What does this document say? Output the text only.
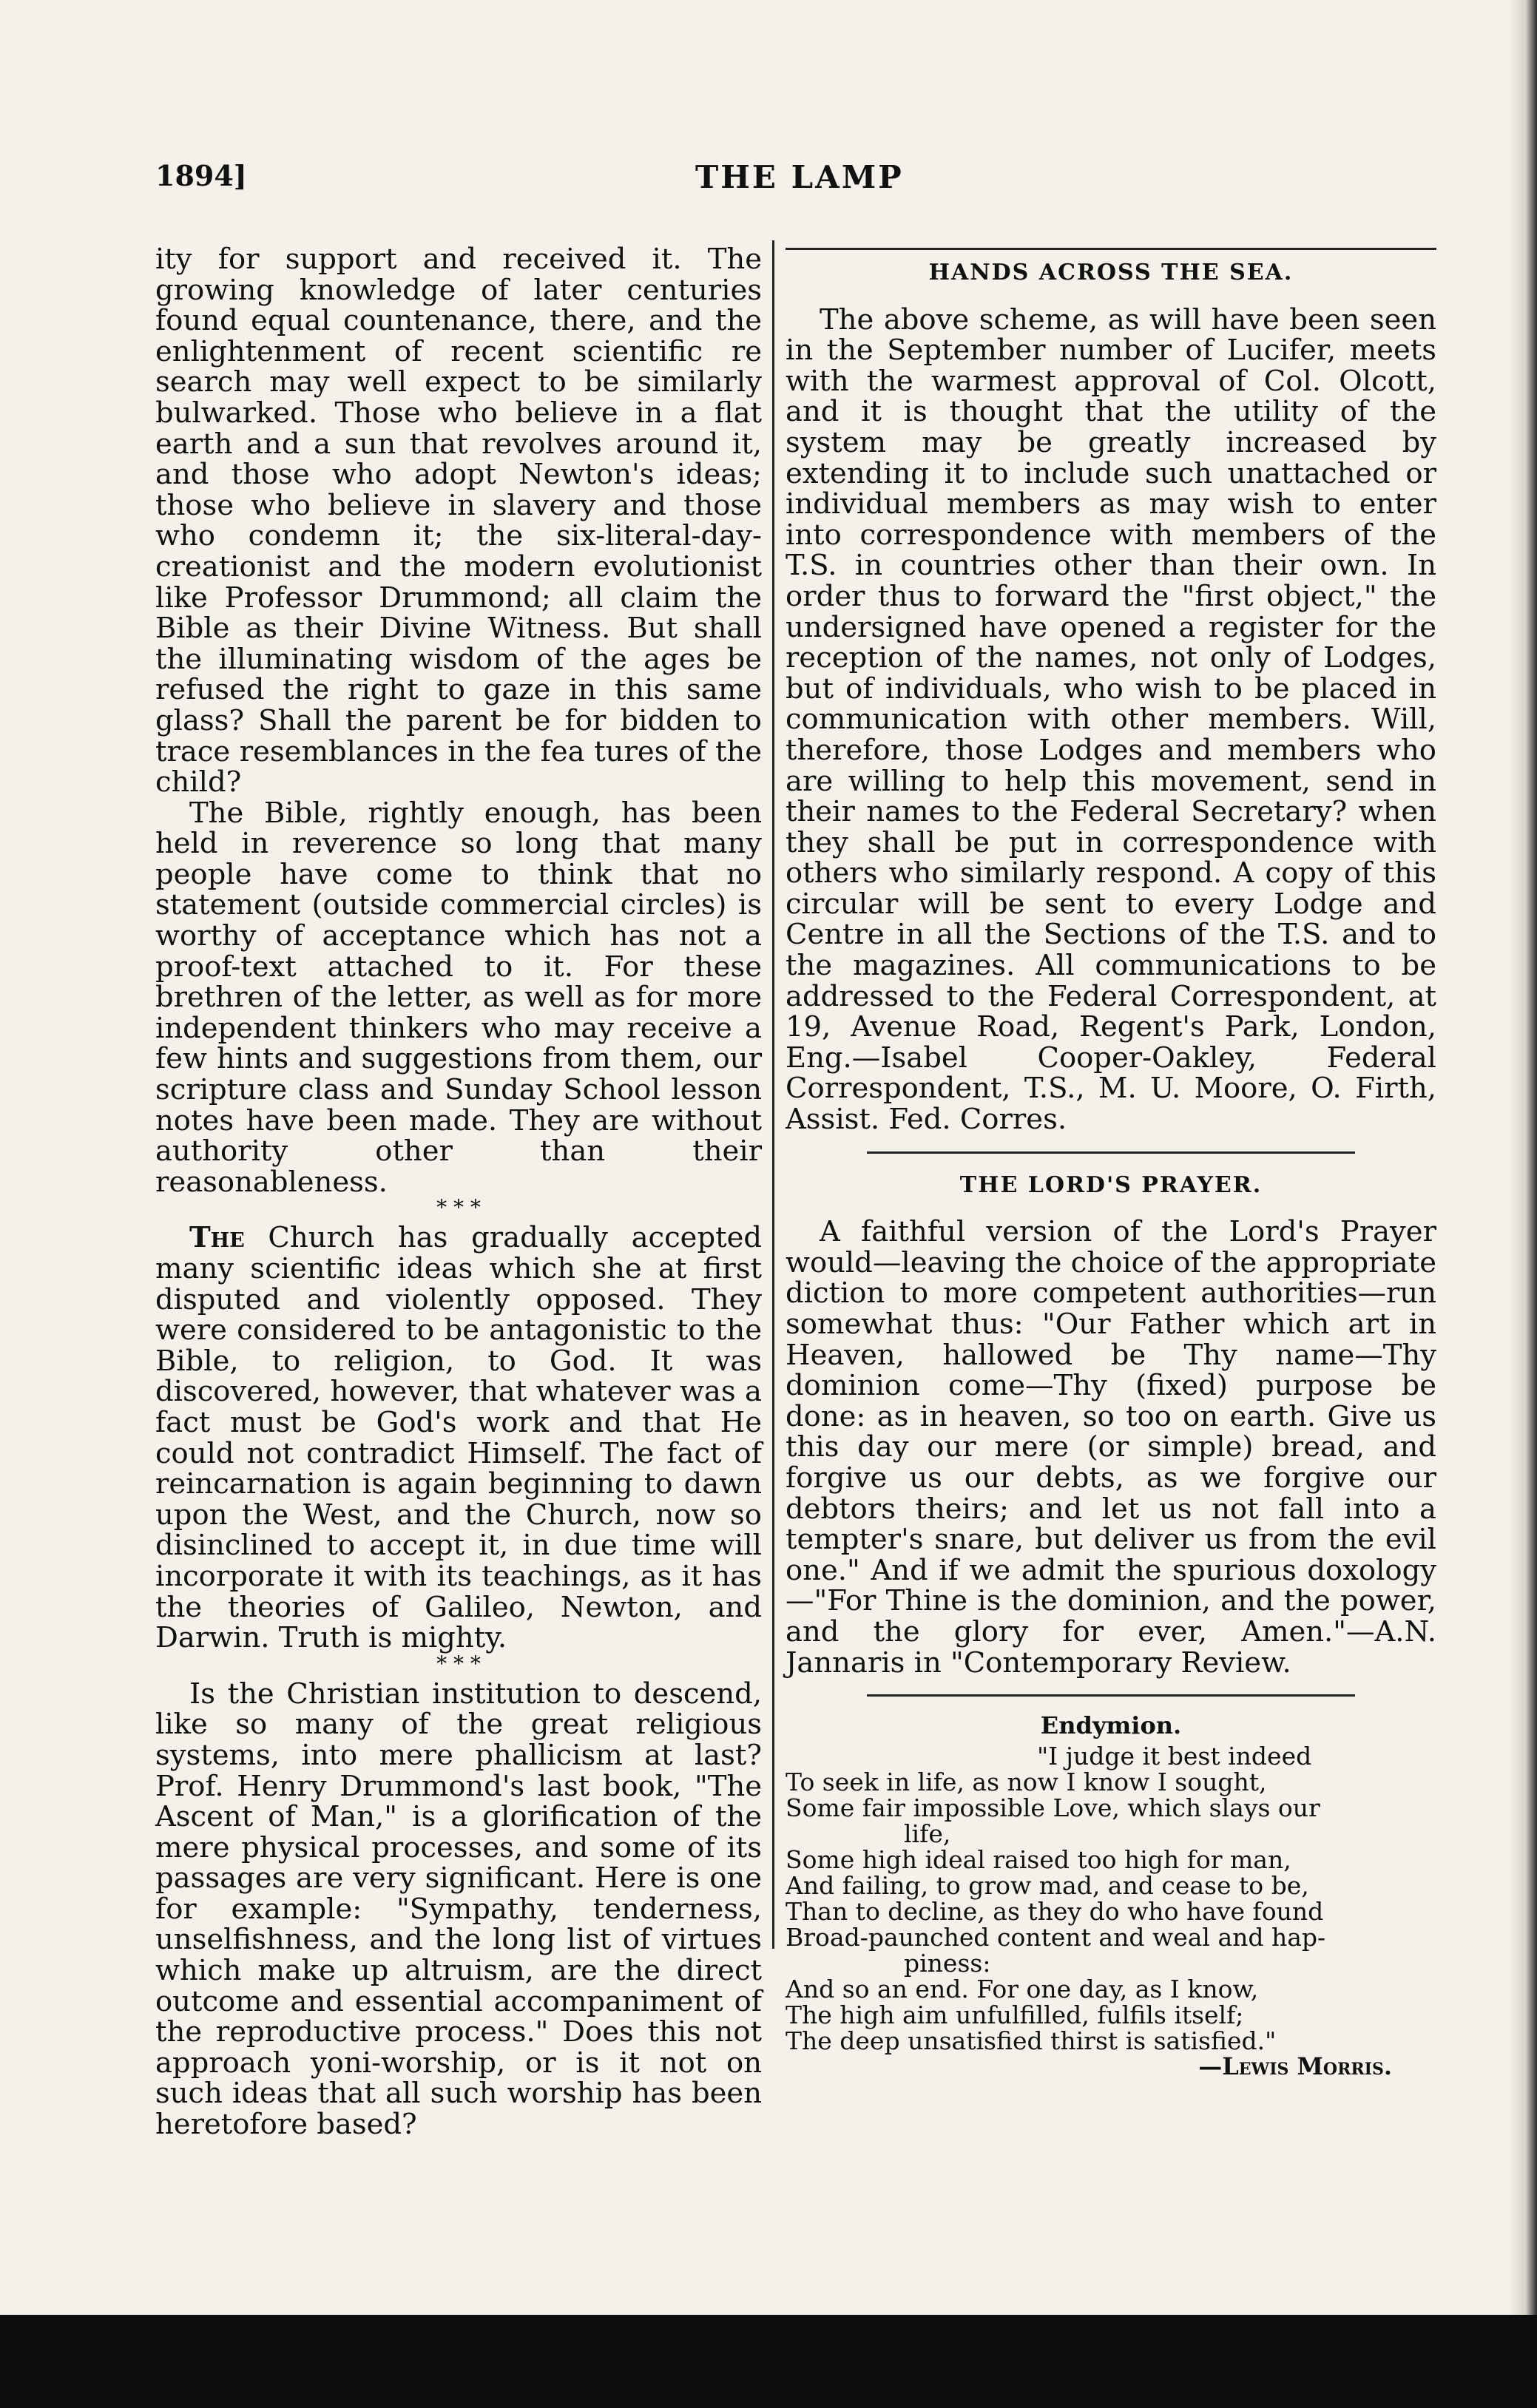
1894]	THE LAMP

ity for support and received it. The growing knowledge of later centuries found equal countenance, there, and the enlightenment of recent scientific re search may well expect to be similarly bulwarked. Those who believe in a flat earth and a sun that revolves around it, and those who adopt Newton's ideas; those who believe in slavery and those who condemn it; the six-literal-day-creationist and the modern evolutionist like Professor Drummond; all claim the Bible as their Divine Witness. But shall the illuminating wisdom of the ages be refused the right to gaze in this same glass? Shall the parent be for bidden to trace resemblances in the fea tures of the child?

The Bible, rightly enough, has been held in reverence so long that many people have come to think that no statement (outside commercial circles) is worthy of acceptance which has not a proof-text attached to it. For these brethren of the letter, as well as for more independent thinkers who may receive a few hints and suggestions from them, our scripture class and Sunday School lesson notes have been made. They are without authority other than their reasonableness.

* * *

The Church has gradually accepted many scientific ideas which she at first disputed and violently opposed. They were considered to be antagonistic to the Bible, to religion, to God. It was discovered, however, that whatever was a fact must be God's work and that He could not contradict Himself. The fact of reincarnation is again beginning to dawn upon the West, and the Church, now so disinclined to accept it, in due time will incorporate it with its teachings, as it has the theories of Galileo, Newton, and Darwin. Truth is mighty.

* * *

Is the Christian institution to descend, like so many of the great religious systems, into mere phallicism at last? Prof. Henry Drummond's last book, "The Ascent of Man," is a glorification of the mere physical processes, and some of its passages are very significant. Here is one for example: "Sympathy, tenderness, unselfishness, and the long list of virtues which make up altruism, are the direct outcome and essential accompaniment of the reproductive process." Does this not approach yoni-worship, or is it not on such ideas that all such worship has been heretofore based?

HANDS ACROSS THE SEA.

The above scheme, as will have been seen in the September number of Lucifer, meets with the warmest approval of Col. Olcott, and it is thought that the utility of the system may be greatly increased by extending it to include such unattached or individual members as may wish to enter into correspondence with members of the T.S. in countries other than their own. In order thus to forward the "first object," the undersigned have opened a register for the reception of the names, not only of Lodges, but of individuals, who wish to be placed in communication with other members. Will, therefore, those Lodges and members who are willing to help this movement, send in their names to the Federal Secretary? when they shall be put in correspondence with others who similarly respond. A copy of this circular will be sent to every Lodge and Centre in all the Sections of the T.S. and to the magazines. All communications to be addressed to the Federal Correspondent, at 19, Avenue Road, Regent's Park, London, Eng.—Isabel Cooper-Oakley, Federal Correspondent, T.S., M. U. Moore, O. Firth, Assist. Fed. Corres.

THE LORD'S PRAYER.

A faithful version of the Lord's Prayer would—leaving the choice of the appropriate diction to more competent authorities—run somewhat thus: "Our Father which art in Heaven, hallowed be Thy name—Thy dominion come—Thy (fixed) purpose be done: as in heaven, so too on earth. Give us this day our mere (or simple) bread, and forgive us our debts, as we forgive our debtors theirs; and let us not fall into a tempter's snare, but deliver us from the evil one." And if we admit the spurious doxology—"For Thine is the dominion, and the power, and the glory for ever, Amen."—A.N. Jannaris in "Contemporary Review.

Endymion.
"I judge it best indeed
To seek in life, as now I know I sought,
Some fair impossible Love, which slays our
life,
Some high ideal raised too high for man,
And failing, to grow mad, and cease to be,
Than to decline, as they do who have found
Broad-paunched content and weal and hap-
piness:
And so an end. For one day, as I know,
The high aim unfulfilled, fulfils itself;
The deep unsatisfied thirst is satisfied."
—Lewis Morris.
